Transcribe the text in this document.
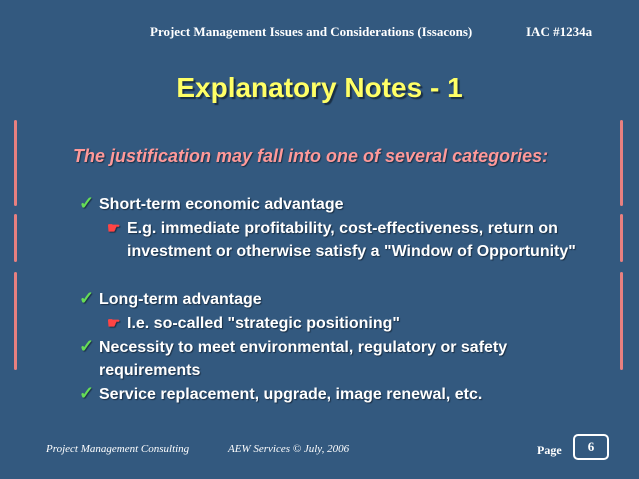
Project Management Issues and Considerations (Issacons)	IAC #1234a
Explanatory Notes - 1
The justification may fall into one of several categories:
✓ Short-term economic advantage
☛ E.g. immediate profitability, cost-effectiveness, return on investment or otherwise satisfy a "Window of Opportunity"
✓ Long-term advantage
☛ I.e. so-called "strategic positioning"
✓ Necessity to meet environmental, regulatory or safety requirements
✓ Service replacement, upgrade, image renewal, etc.
Project Management Consulting	AEW Services © July, 2006	Page	6
